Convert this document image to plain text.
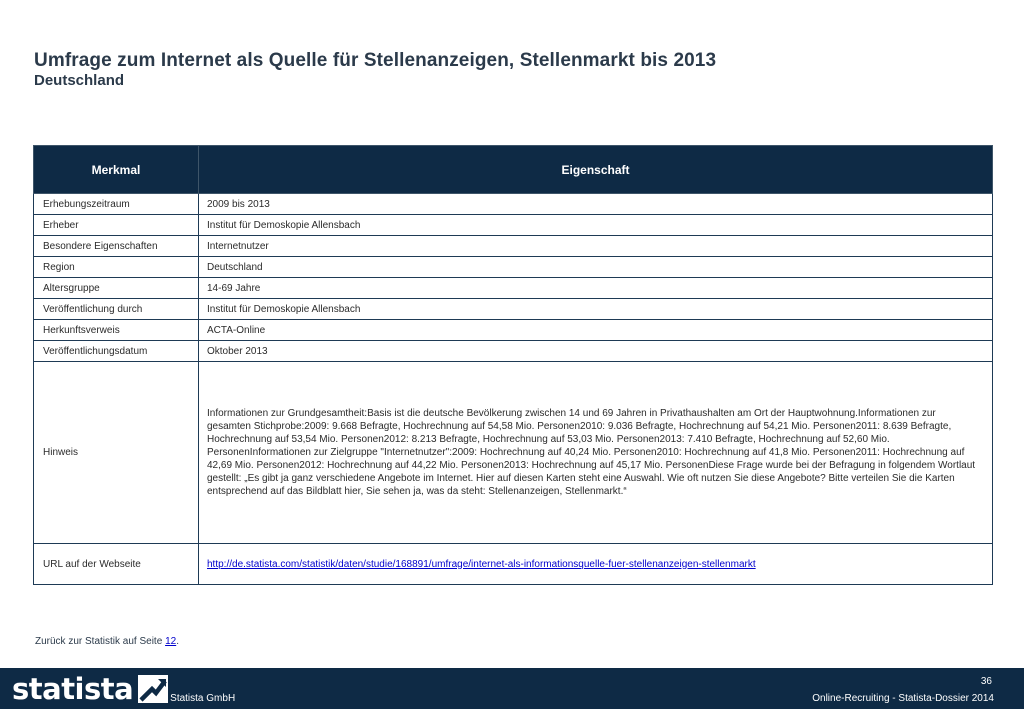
Umfrage zum Internet als Quelle für Stellenanzeigen, Stellenmarkt bis 2013
Deutschland
Merkmal	Eigenschaft
Erhebungszeitraum	2009 bis 2013
Erheber	Institut für Demoskopie Allensbach
Besondere Eigenschaften	Internetnutzer
Region	Deutschland
Altersgruppe	14-69 Jahre
Veröffentlichung durch	Institut für Demoskopie Allensbach
Herkunftsverweis	ACTA-Online
Veröffentlichungsdatum	Oktober 2013
Hinweis	Informationen zur Grundgesamtheit:Basis ist die deutsche Bevölkerung zwischen 14 und 69 Jahren in Privathaushalten am Ort der Hauptwohnung.Informationen zur gesamten Stichprobe:2009: 9.668 Befragte, Hochrechnung auf 54,58 Mio. Personen2010: 9.036 Befragte, Hochrechnung auf 54,21 Mio. Personen2011: 8.639 Befragte, Hochrechnung auf 53,54 Mio. Personen2012: 8.213 Befragte, Hochrechnung auf 53,03 Mio. Personen2013: 7.410 Befragte, Hochrechnung auf 52,60 Mio. PersonenInformationen zur Zielgruppe "Internetnutzer":2009: Hochrechnung auf 40,24 Mio. Personen2010: Hochrechnung auf 41,8 Mio. Personen2011: Hochrechnung auf 42,69 Mio. Personen2012: Hochrechnung auf 44,22 Mio. Personen2013: Hochrechnung auf 45,17 Mio. PersonenDiese Frage wurde bei der Befragung in folgendem Wortlaut gestellt: „Es gibt ja ganz verschiedene Angebote im Internet. Hier auf diesen Karten steht eine Auswahl. Wie oft nutzen Sie diese Angebote? Bitte verteilen Sie die Karten entsprechend auf das Bildblatt hier, Sie sehen ja, was da steht: Stellenanzeigen, Stellenmarkt.“
URL auf der Webseite	http://de.statista.com/statistik/daten/studie/168891/umfrage/internet-als-informationsquelle-fuer-stellenanzeigen-stellenmarkt
Zurück zur Statistik auf Seite 12.
statista	© Statista GmbH
36
Online-Recruiting - Statista-Dossier 2014
